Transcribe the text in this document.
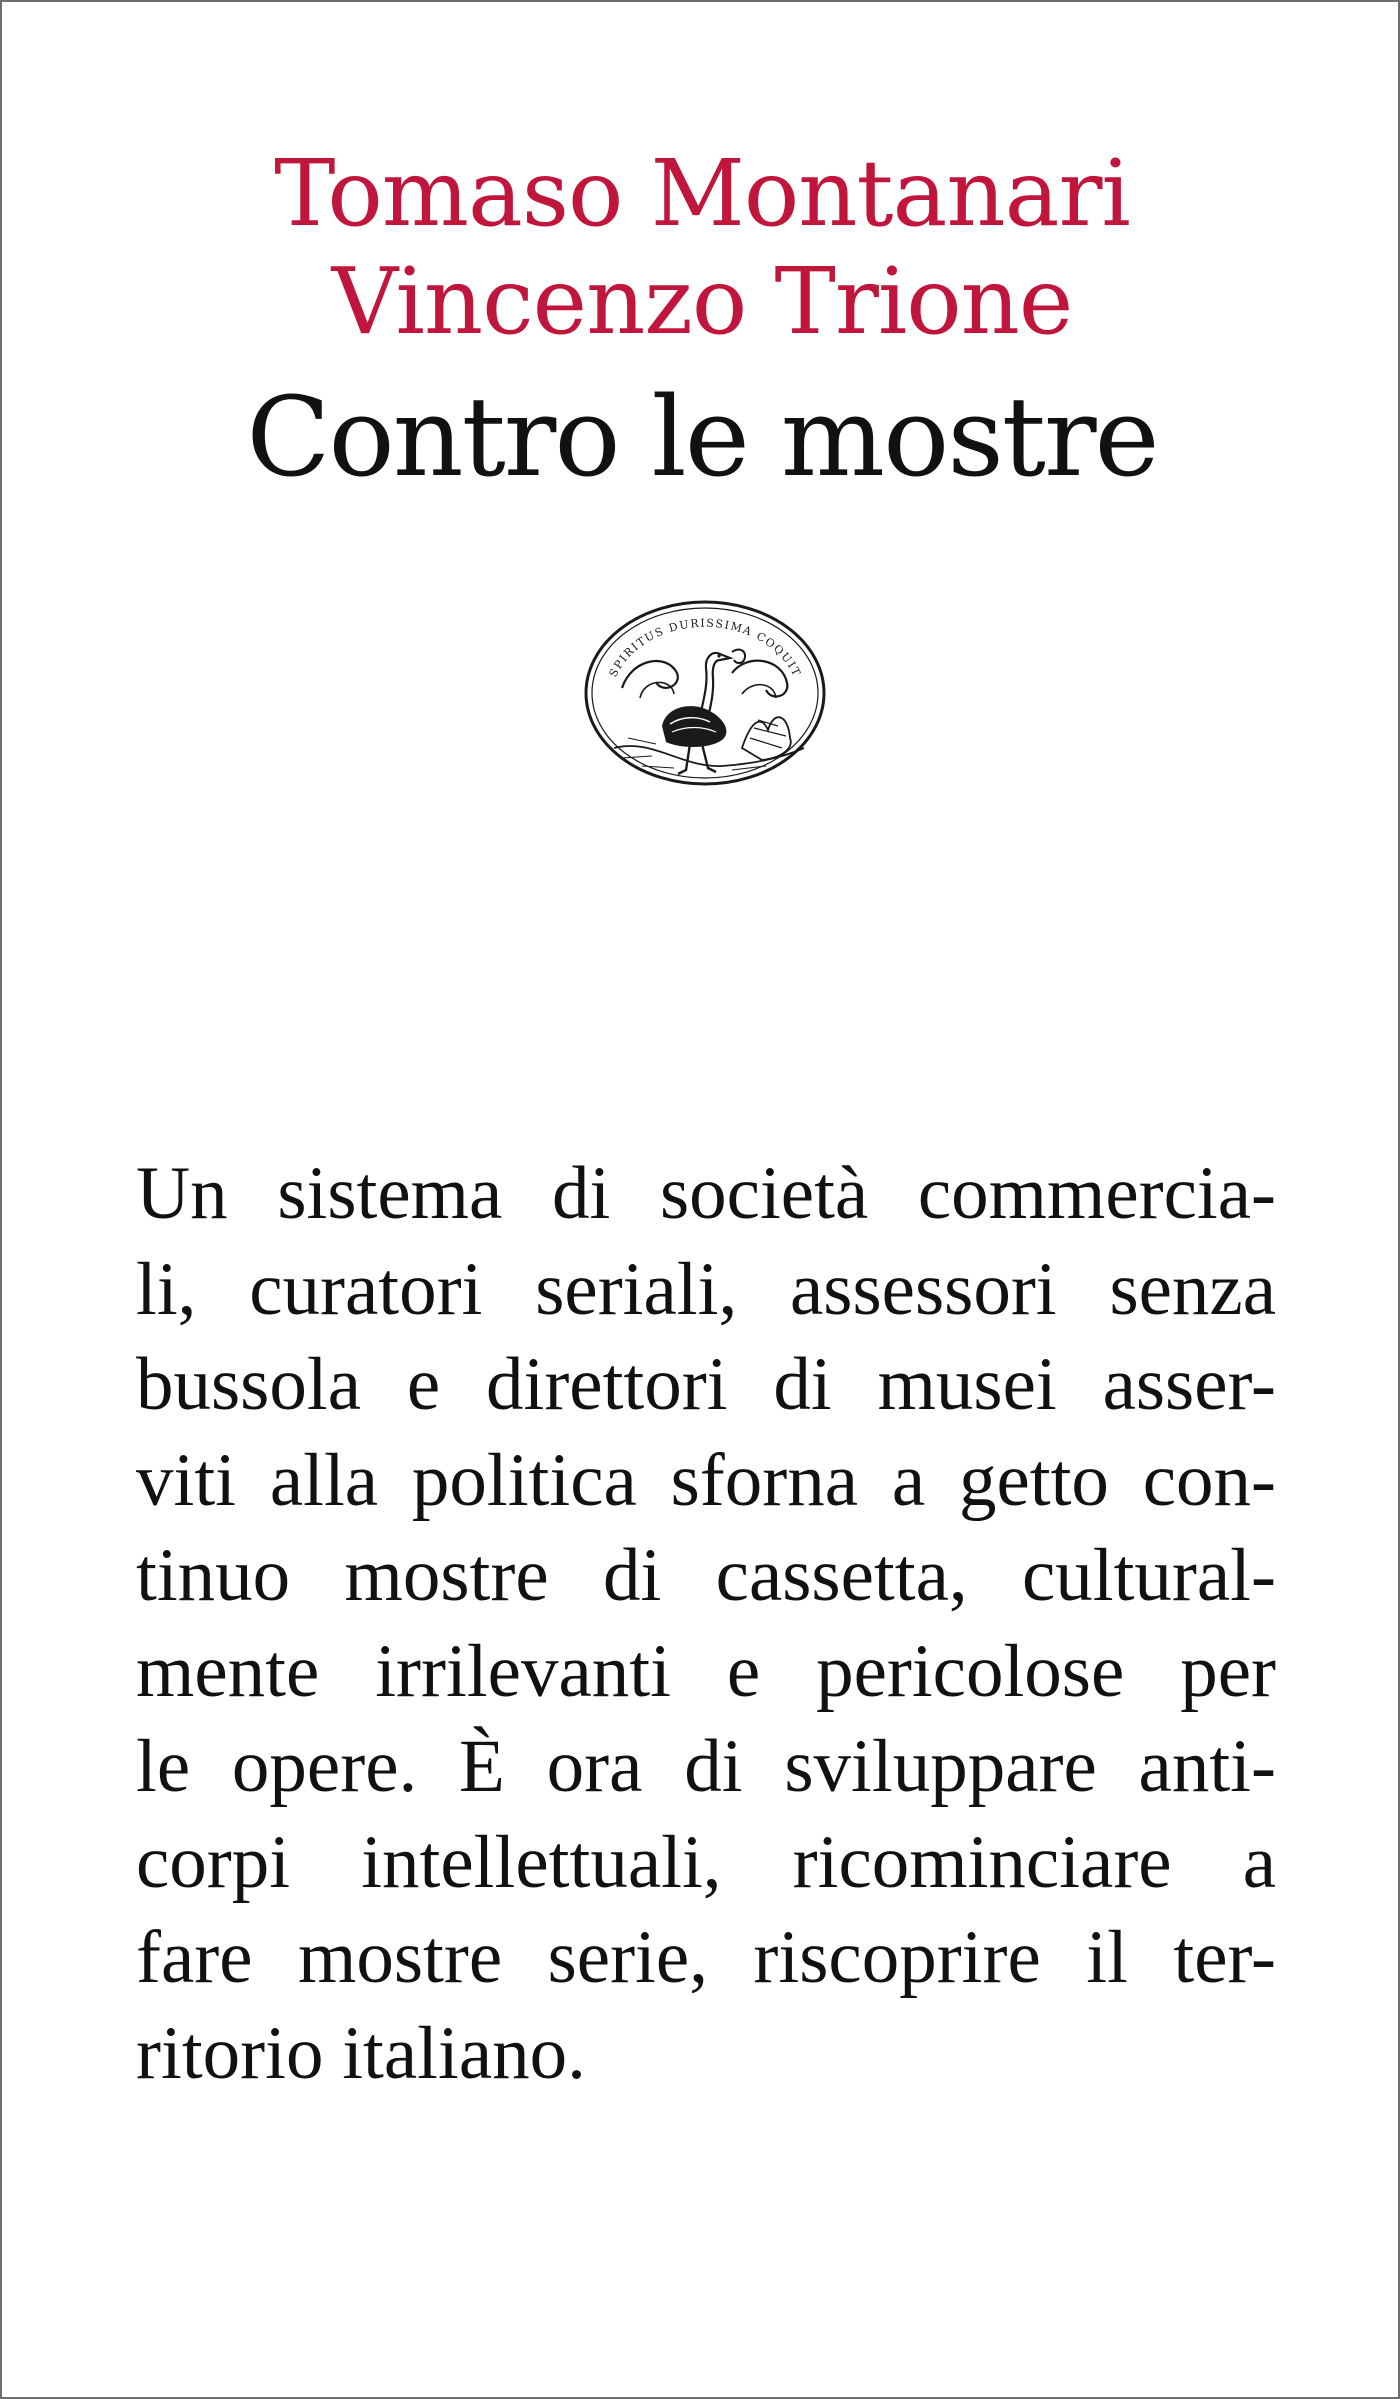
Tomaso Montanari
Vincenzo Trione
Contro le mostre
SPIRITUS DURISSIMA COQUIT
Un sistema di società commercia-
li, curatori seriali, assessori senza
bussola e direttori di musei asser-
viti alla politica sforna a getto con-
tinuo mostre di cassetta, cultural-
mente irrilevanti e pericolose per
le opere. È ora di sviluppare anti-
corpi intellettuali, ricominciare a
fare mostre serie, riscoprire il ter-
ritorio italiano.
